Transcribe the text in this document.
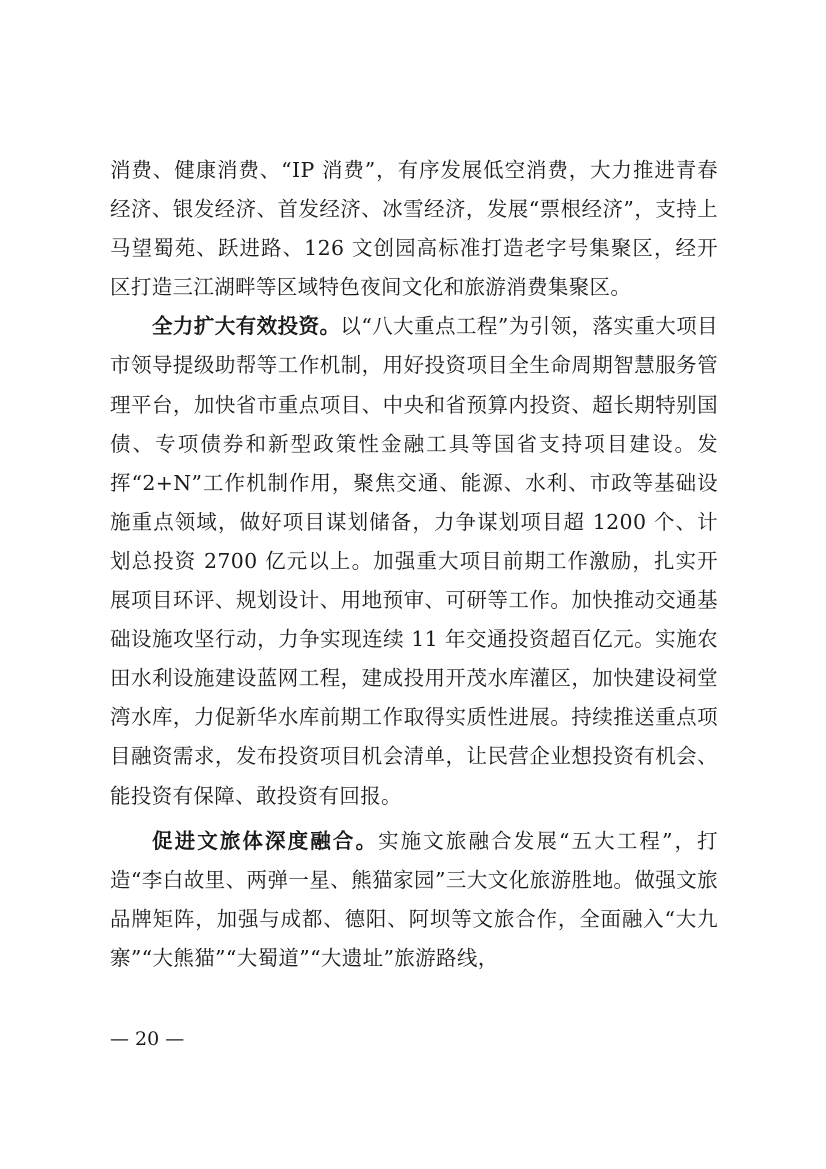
消费、健康消费、“IP 消费”，有序发展低空消费，大力推进青春经济、银发经济、首发经济、冰雪经济，发展“票根经济”，支持上马望蜀苑、跃进路、126 文创园高标准打造老字号集聚区，经开区打造三江湖畔等区域特色夜间文化和旅游消费集聚区。

全力扩大有效投资。以“八大重点工程”为引领，落实重大项目市领导提级助帮等工作机制，用好投资项目全生命周期智慧服务管理平台，加快省市重点项目、中央和省预算内投资、超长期特别国债、专项债券和新型政策性金融工具等国省支持项目建设。发挥“2+N”工作机制作用，聚焦交通、能源、水利、市政等基础设施重点领域，做好项目谋划储备，力争谋划项目超 1200 个、计划总投资 2700 亿元以上。加强重大项目前期工作激励，扎实开展项目环评、规划设计、用地预审、可研等工作。加快推动交通基础设施攻坚行动，力争实现连续 11 年交通投资超百亿元。实施农田水利设施建设蓝网工程，建成投用开茂水库灌区，加快建设祠堂湾水库，力促新华水库前期工作取得实质性进展。持续推送重点项目融资需求，发布投资项目机会清单，让民营企业想投资有机会、能投资有保障、敢投资有回报。

促进文旅体深度融合。实施文旅融合发展“五大工程”，打造“李白故里、两弹一星、熊猫家园”三大文化旅游胜地。做强文旅品牌矩阵，加强与成都、德阳、阿坝等文旅合作，全面融入“大九寨”“大熊猫”“大蜀道”“大遗址”旅游路线，

— 20 —
